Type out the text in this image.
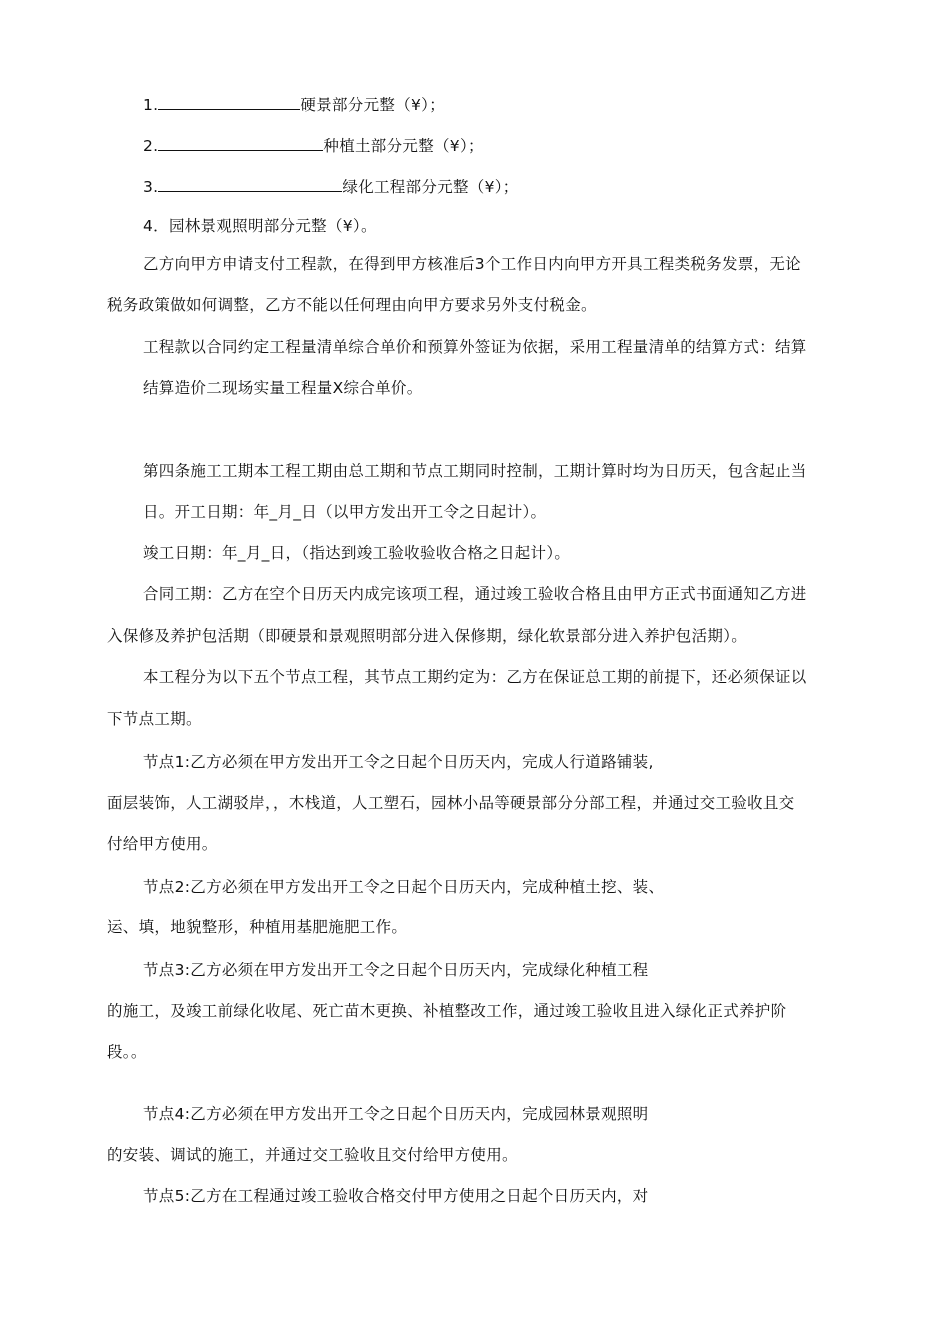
1.	硬景部分元整（¥）；
2.	种植土部分元整（¥）；
3.	绿化工程部分元整（¥）；
4．园林景观照明部分元整（¥）。
乙方向甲方申请支付工程款，在得到甲方核准后3个工作日内向甲方开具工程类税务发票，无论
税务政策做如何调整，乙方不能以任何理由向甲方要求另外支付税金。
工程款以合同约定工程量清单综合单价和预算外签证为依据，采用工程量清单的结算方式：结算
结算造价二现场实量工程量X综合单价。
第四条施工工期本工程工期由总工期和节点工期同时控制，工期计算时均为日历天，包含起止当
日。开工日期：年_月_日（以甲方发出开工令之日起计）。
竣工日期：年_月_日，（指达到竣工验收验收合格之日起计）。
合同工期：乙方在空个日历天内成完该项工程，通过竣工验收合格且由甲方正式书面通知乙方进
入保修及养护包活期（即硬景和景观照明部分进入保修期，绿化软景部分进入养护包活期）。
本工程分为以下五个节点工程，其节点工期约定为：乙方在保证总工期的前提下，还必须保证以
下节点工期。
节点1:乙方必须在甲方发出开工令之日起个日历天内，完成人行道路铺装,
面层装饰，人工湖驳岸，，木栈道，人工塑石，园林小品等硬景部分分部工程，并通过交工验收且交
付给甲方使用。
节点2:乙方必须在甲方发出开工令之日起个日历天内，完成种植土挖、装、
运、填，地貌整形，种植用基肥施肥工作。
节点3:乙方必须在甲方发出开工令之日起个日历天内，完成绿化种植工程
的施工，及竣工前绿化收尾、死亡苗木更换、补植整改工作，通过竣工验收且进入绿化正式养护阶
段。。
节点4:乙方必须在甲方发出开工令之日起个日历天内，完成园林景观照明
的安装、调试的施工，并通过交工验收且交付给甲方使用。
节点5:乙方在工程通过竣工验收合格交付甲方使用之日起个日历天内，对
